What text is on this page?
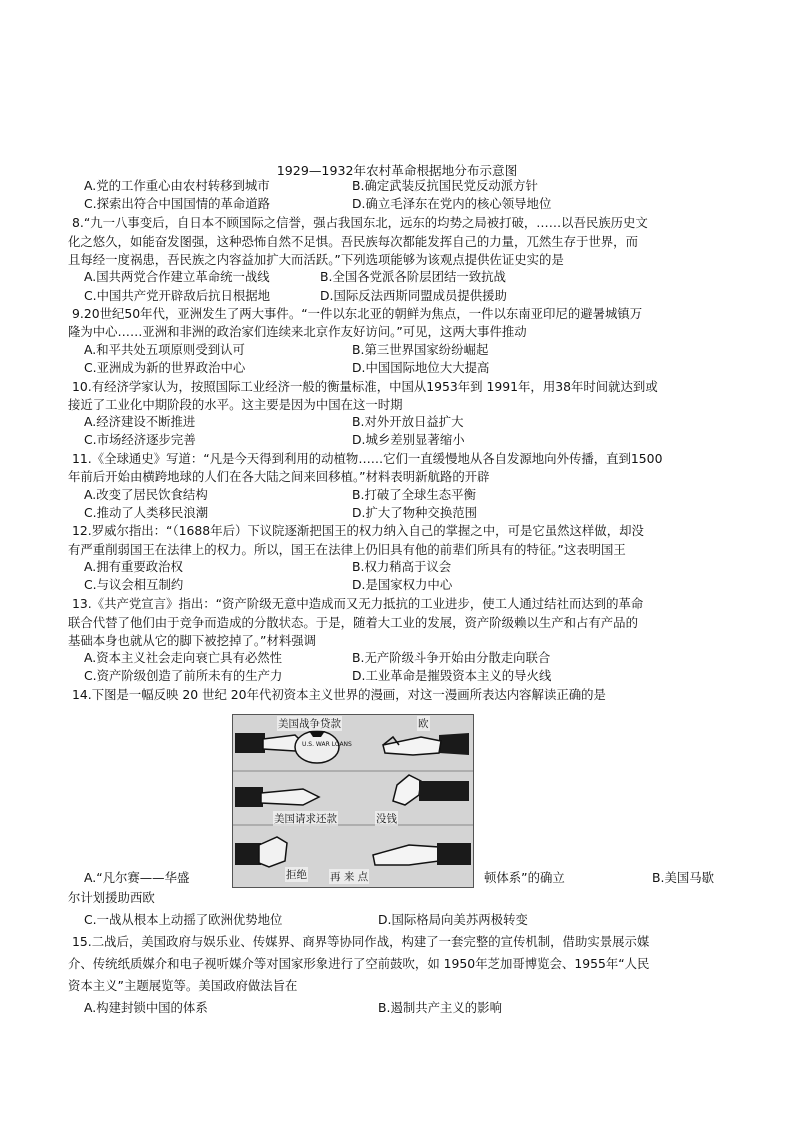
1929—1932年农村革命根据地分布示意图
A.党的工作重心由农村转移到城市	B.确定武装反抗国民党反动派方针
C.探索出符合中国国情的革命道路	D.确立毛泽东在党内的核心领导地位
8.“九一八事变后，自日本不顾国际之信誉，强占我国东北，远东的均势之局被打破，……以吾民族历史文
化之悠久，如能奋发图强，这种恐怖自然不足惧。吾民族每次都能发挥自己的力量，兀然生存于世界，而
且每经一度祸患，吾民族之内容益加扩大而活跃。”下列选项能够为该观点提供佐证史实的是
A.国共两党合作建立革命统一战线	B.全国各党派各阶层团结一致抗战
C.中国共产党开辟敌后抗日根据地	D.国际反法西斯同盟成员提供援助
9.20世纪50年代，亚洲发生了两大事件。“一件以东北亚的朝鲜为焦点，一件以东南亚印尼的避暑城镇万
隆为中心……亚洲和非洲的政治家们连续来北京作友好访问。”可见，这两大事件推动
A.和平共处五项原则受到认可	B.第三世界国家纷纷崛起
C.亚洲成为新的世界政治中心	D.中国国际地位大大提高
10.有经济学家认为，按照国际工业经济一般的衡量标准，中国从1953年到 1991年，用38年时间就达到或
接近了工业化中期阶段的水平。这主要是因为中国在这一时期
A.经济建设不断推进	B.对外开放日益扩大
C.市场经济逐步完善	D.城乡差别显著缩小
11.《全球通史》写道：“凡是今天得到利用的动植物……它们一直缓慢地从各自发源地向外传播，直到1500
年前后开始由横跨地球的人们在各大陆之间来回移植。”材料表明新航路的开辟
A.改变了居民饮食结构	B.打破了全球生态平衡
C.推动了人类移民浪潮	D.扩大了物种交换范围
12.罗威尔指出：“（1688年后）下议院逐渐把国王的权力纳入自己的掌握之中，可是它虽然这样做，却没
有严重削弱国王在法律上的权力。所以，国王在法律上仍旧具有他的前辈们所具有的特征。”这表明国王
A.拥有重要政治权	B.权力稍高于议会
C.与议会相互制约	D.是国家权力中心
13.《共产党宣言》指出：“资产阶级无意中造成而又无力抵抗的工业进步，使工人通过结社而达到的革命
联合代替了他们由于竞争而造成的分散状态。于是，随着大工业的发展，资产阶级赖以生产和占有产品的
基础本身也就从它的脚下被挖掉了。”材料强调
A.资本主义社会走向衰亡具有必然性	B.无产阶级斗争开始由分散走向联合
C.资产阶级创造了前所未有的生产力	D.工业革命是摧毁资本主义的导火线
14.下图是一幅反映 20 世纪 20年代初资本主义世界的漫画，对这一漫画所表达内容解读正确的是
美国战争贷款	欧
U.S. WAR LOANS
美国请求还款	没钱
拒绝 再 来 点
A.“凡尔赛——华盛	顿体系”的确立	B.美国马歇
尔计划援助西欧
C.一战从根本上动摇了欧洲优势地位	D.国际格局向美苏两极转变
15.二战后，美国政府与娱乐业、传媒界、商界等协同作战，构建了一套完整的宣传机制，借助实景展示媒
介、传统纸质媒介和电子视听媒介等对国家形象进行了空前鼓吹，如 1950年芝加哥博览会、1955年“人民
资本主义”主题展览等。美国政府做法旨在
A.构建封锁中国的体系	B.遏制共产主义的影响
